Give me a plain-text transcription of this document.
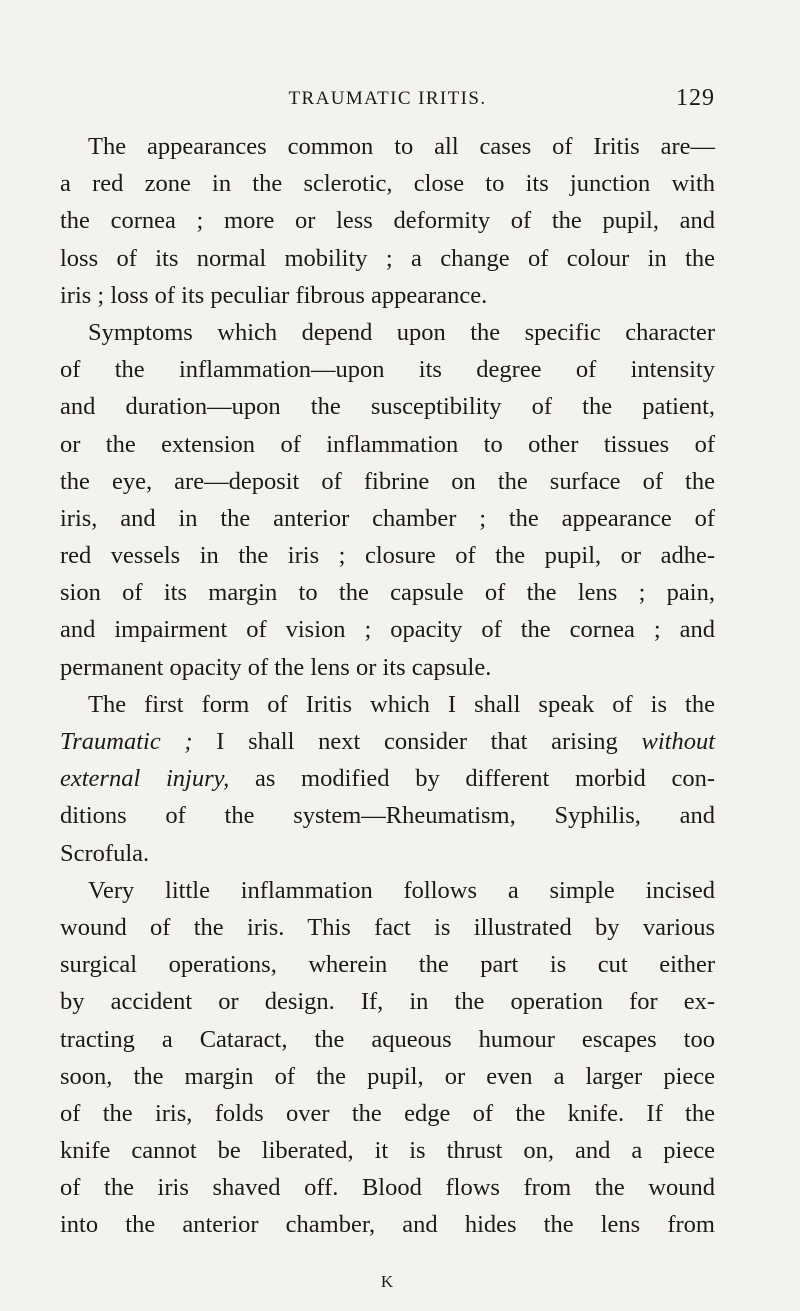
TRAUMATIC IRITIS.	129
The appearances common to all cases of Iritis are—
a red zone in the sclerotic, close to its junction with
the cornea ; more or less deformity of the pupil, and
loss of its normal mobility ; a change of colour in the
iris ; loss of its peculiar fibrous appearance.
Symptoms which depend upon the specific character
of the inflammation—upon its degree of intensity
and duration—upon the susceptibility of the patient,
or the extension of inflammation to other tissues of
the eye, are—deposit of fibrine on the surface of the
iris, and in the anterior chamber ; the appearance of
red vessels in the iris ; closure of the pupil, or adhe-
sion of its margin to the capsule of the lens ; pain,
and impairment of vision ; opacity of the cornea ; and
permanent opacity of the lens or its capsule.
The first form of Iritis which I shall speak of is the
Traumatic ; I shall next consider that arising without
external injury, as modified by different morbid con-
ditions of the system—Rheumatism, Syphilis, and
Scrofula.
Very little inflammation follows a simple incised
wound of the iris. This fact is illustrated by various
surgical operations, wherein the part is cut either
by accident or design. If, in the operation for ex-
tracting a Cataract, the aqueous humour escapes too
soon, the margin of the pupil, or even a larger piece
of the iris, folds over the edge of the knife. If the
knife cannot be liberated, it is thrust on, and a piece
of the iris shaved off. Blood flows from the wound
into the anterior chamber, and hides the lens from
K
